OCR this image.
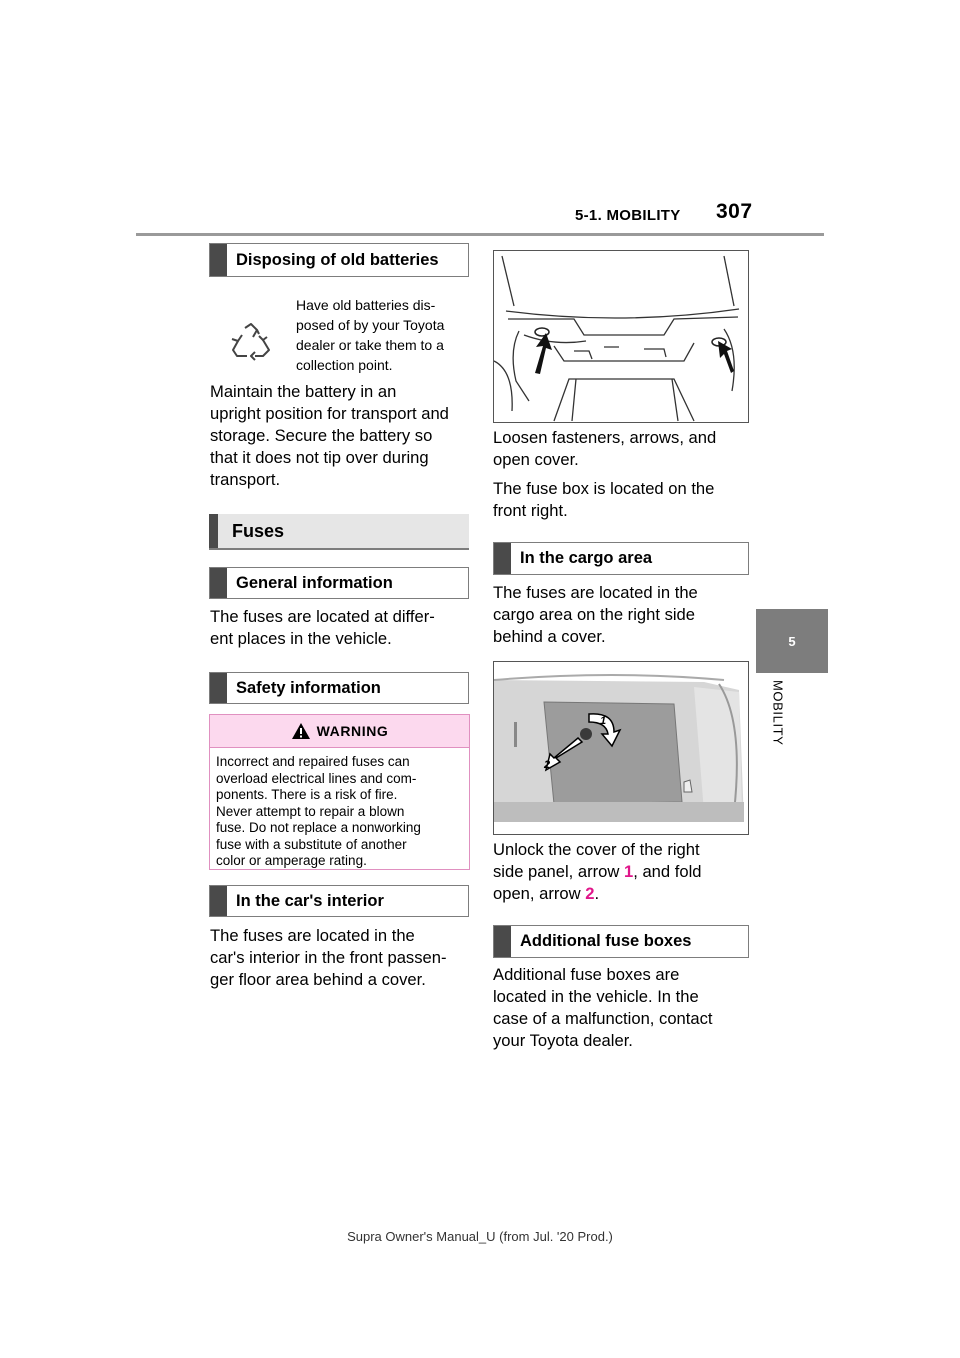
5-1. MOBILITY 307
5
MOBILITY
Disposing of old batteries
Have old batteries dis-
posed of by your Toyota
dealer or take them to a
collection point.
Maintain the battery in an
upright position for transport and
storage. Secure the battery so
that it does not tip over during
transport.
Fuses
General information
The fuses are located at differ-
ent places in the vehicle.
Safety information
WARNING
Incorrect and repaired fuses can
overload electrical lines and com-
ponents. There is a risk of fire.
Never attempt to repair a blown
fuse. Do not replace a nonworking
fuse with a substitute of another
color or amperage rating.
In the car's interior
The fuses are located in the
car's interior in the front passen-
ger floor area behind a cover.
Loosen fasteners, arrows, and
open cover.
The fuse box is located on the
front right.
In the cargo area
The fuses are located in the
cargo area on the right side
behind a cover.
1
2
Unlock the cover of the right
side panel, arrow 1, and fold
open, arrow 2.
Additional fuse boxes
Additional fuse boxes are
located in the vehicle. In the
case of a malfunction, contact
your Toyota dealer.
Supra Owner's Manual_U (from Jul. '20 Prod.)
